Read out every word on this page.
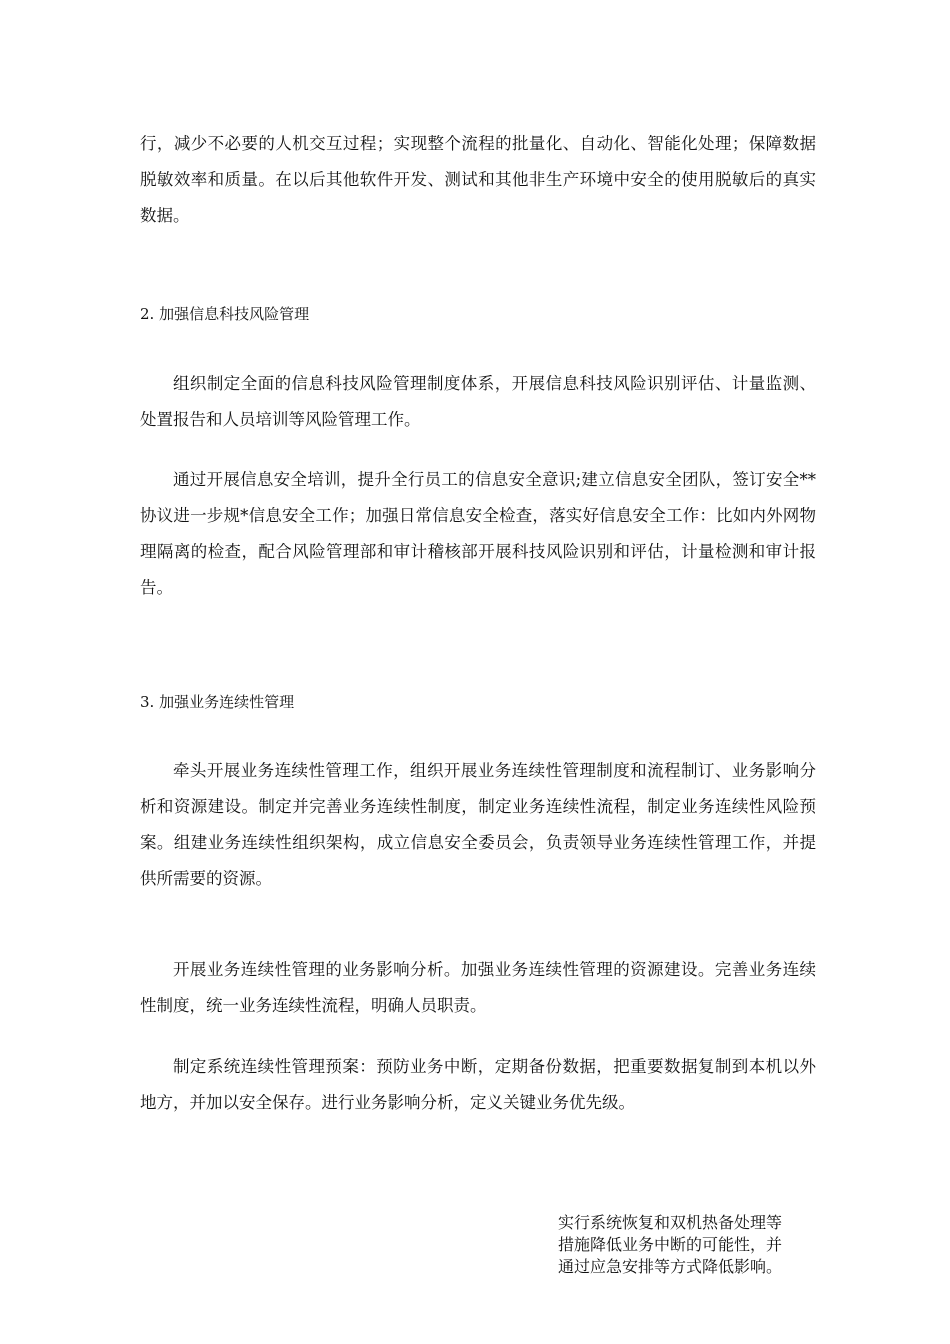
行，减少不必要的人机交互过程；实现整个流程的批量化、自动化、智能化处理；保障数据脱敏效率和质量。在以后其他软件开发、测试和其他非生产环境中安全的使用脱敏后的真实数据。

2. 加强信息科技风险管理

组织制定全面的信息科技风险管理制度体系，开展信息科技风险识别评估、计量监测、处置报告和人员培训等风险管理工作。

通过开展信息安全培训，提升全行员工的信息安全意识;建立信息安全团队，签订安全**协议进一步规*信息安全工作；加强日常信息安全检查，落实好信息安全工作：比如内外网物理隔离的检查，配合风险管理部和审计稽核部开展科技风险识别和评估，计量检测和审计报告。

3. 加强业务连续性管理

牵头开展业务连续性管理工作，组织开展业务连续性管理制度和流程制订、业务影响分析和资源建设。制定并完善业务连续性制度，制定业务连续性流程，制定业务连续性风险预案。组建业务连续性组织架构，成立信息安全委员会，负责领导业务连续性管理工作，并提供所需要的资源。

开展业务连续性管理的业务影响分析。加强业务连续性管理的资源建设。完善业务连续性制度，统一业务连续性流程，明确人员职责。

制定系统连续性管理预案：预防业务中断，定期备份数据，把重要数据复制到本机以外地方，并加以安全保存。进行业务影响分析，定义关键业务优先级。

实行系统恢复和双机热备处理等
措施降低业务中断的可能性，并
通过应急安排等方式降低影响。
